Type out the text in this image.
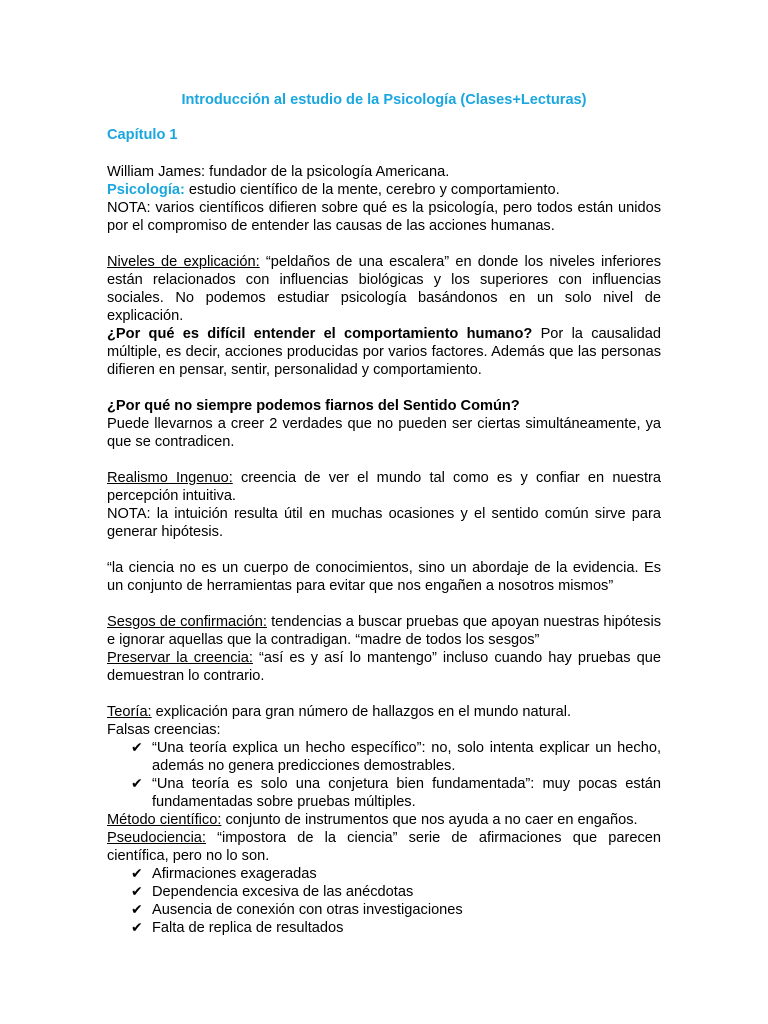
Introducción al estudio de la Psicología (Clases+Lecturas)
Capítulo 1

William James: fundador de la psicología Americana.

Psicología: estudio científico de la mente, cerebro y comportamiento.

NOTA: varios científicos difieren sobre qué es la psicología, pero todos están unidos por el compromiso de entender las causas de las acciones humanas.

Niveles de explicación: “peldaños de una escalera” en donde los niveles inferiores están relacionados con influencias biológicas y los superiores con influencias sociales. No podemos estudiar psicología basándonos en un solo nivel de explicación.

¿Por qué es difícil entender el comportamiento humano? Por la causalidad múltiple, es decir, acciones producidas por varios factores. Además que las personas difieren en pensar, sentir, personalidad y comportamiento.

¿Por qué no siempre podemos fiarnos del Sentido Común?

Puede llevarnos a creer 2 verdades que no pueden ser ciertas simultáneamente, ya que se contradicen.

Realismo Ingenuo: creencia de ver el mundo tal como es y confiar en nuestra percepción intuitiva.

NOTA: la intuición resulta útil en muchas ocasiones y el sentido común sirve para generar hipótesis.

“la ciencia no es un cuerpo de conocimientos, sino un abordaje de la evidencia. Es un conjunto de herramientas para evitar que nos engañen a nosotros mismos”

Sesgos de confirmación: tendencias a buscar pruebas que apoyan nuestras hipótesis e ignorar aquellas que la contradigan. “madre de todos los sesgos”

Preservar la creencia: “así es y así lo mantengo” incluso cuando hay pruebas que demuestran lo contrario.

Teoría: explicación para gran número de hallazgos en el mundo natural.

Falsas creencias:

✔ “Una teoría explica un hecho específico”: no, solo intenta explicar un hecho, además no genera predicciones demostrables.
✔ “Una teoría es solo una conjetura bien fundamentada”: muy pocas están fundamentadas sobre pruebas múltiples.

Método científico: conjunto de instrumentos que nos ayuda a no caer en engaños.

Pseudociencia: “impostora de la ciencia” serie de afirmaciones que parecen científica, pero no lo son.

✔ Afirmaciones exageradas
✔ Dependencia excesiva de las anécdotas
✔ Ausencia de conexión con otras investigaciones
✔ Falta de replica de resultados
